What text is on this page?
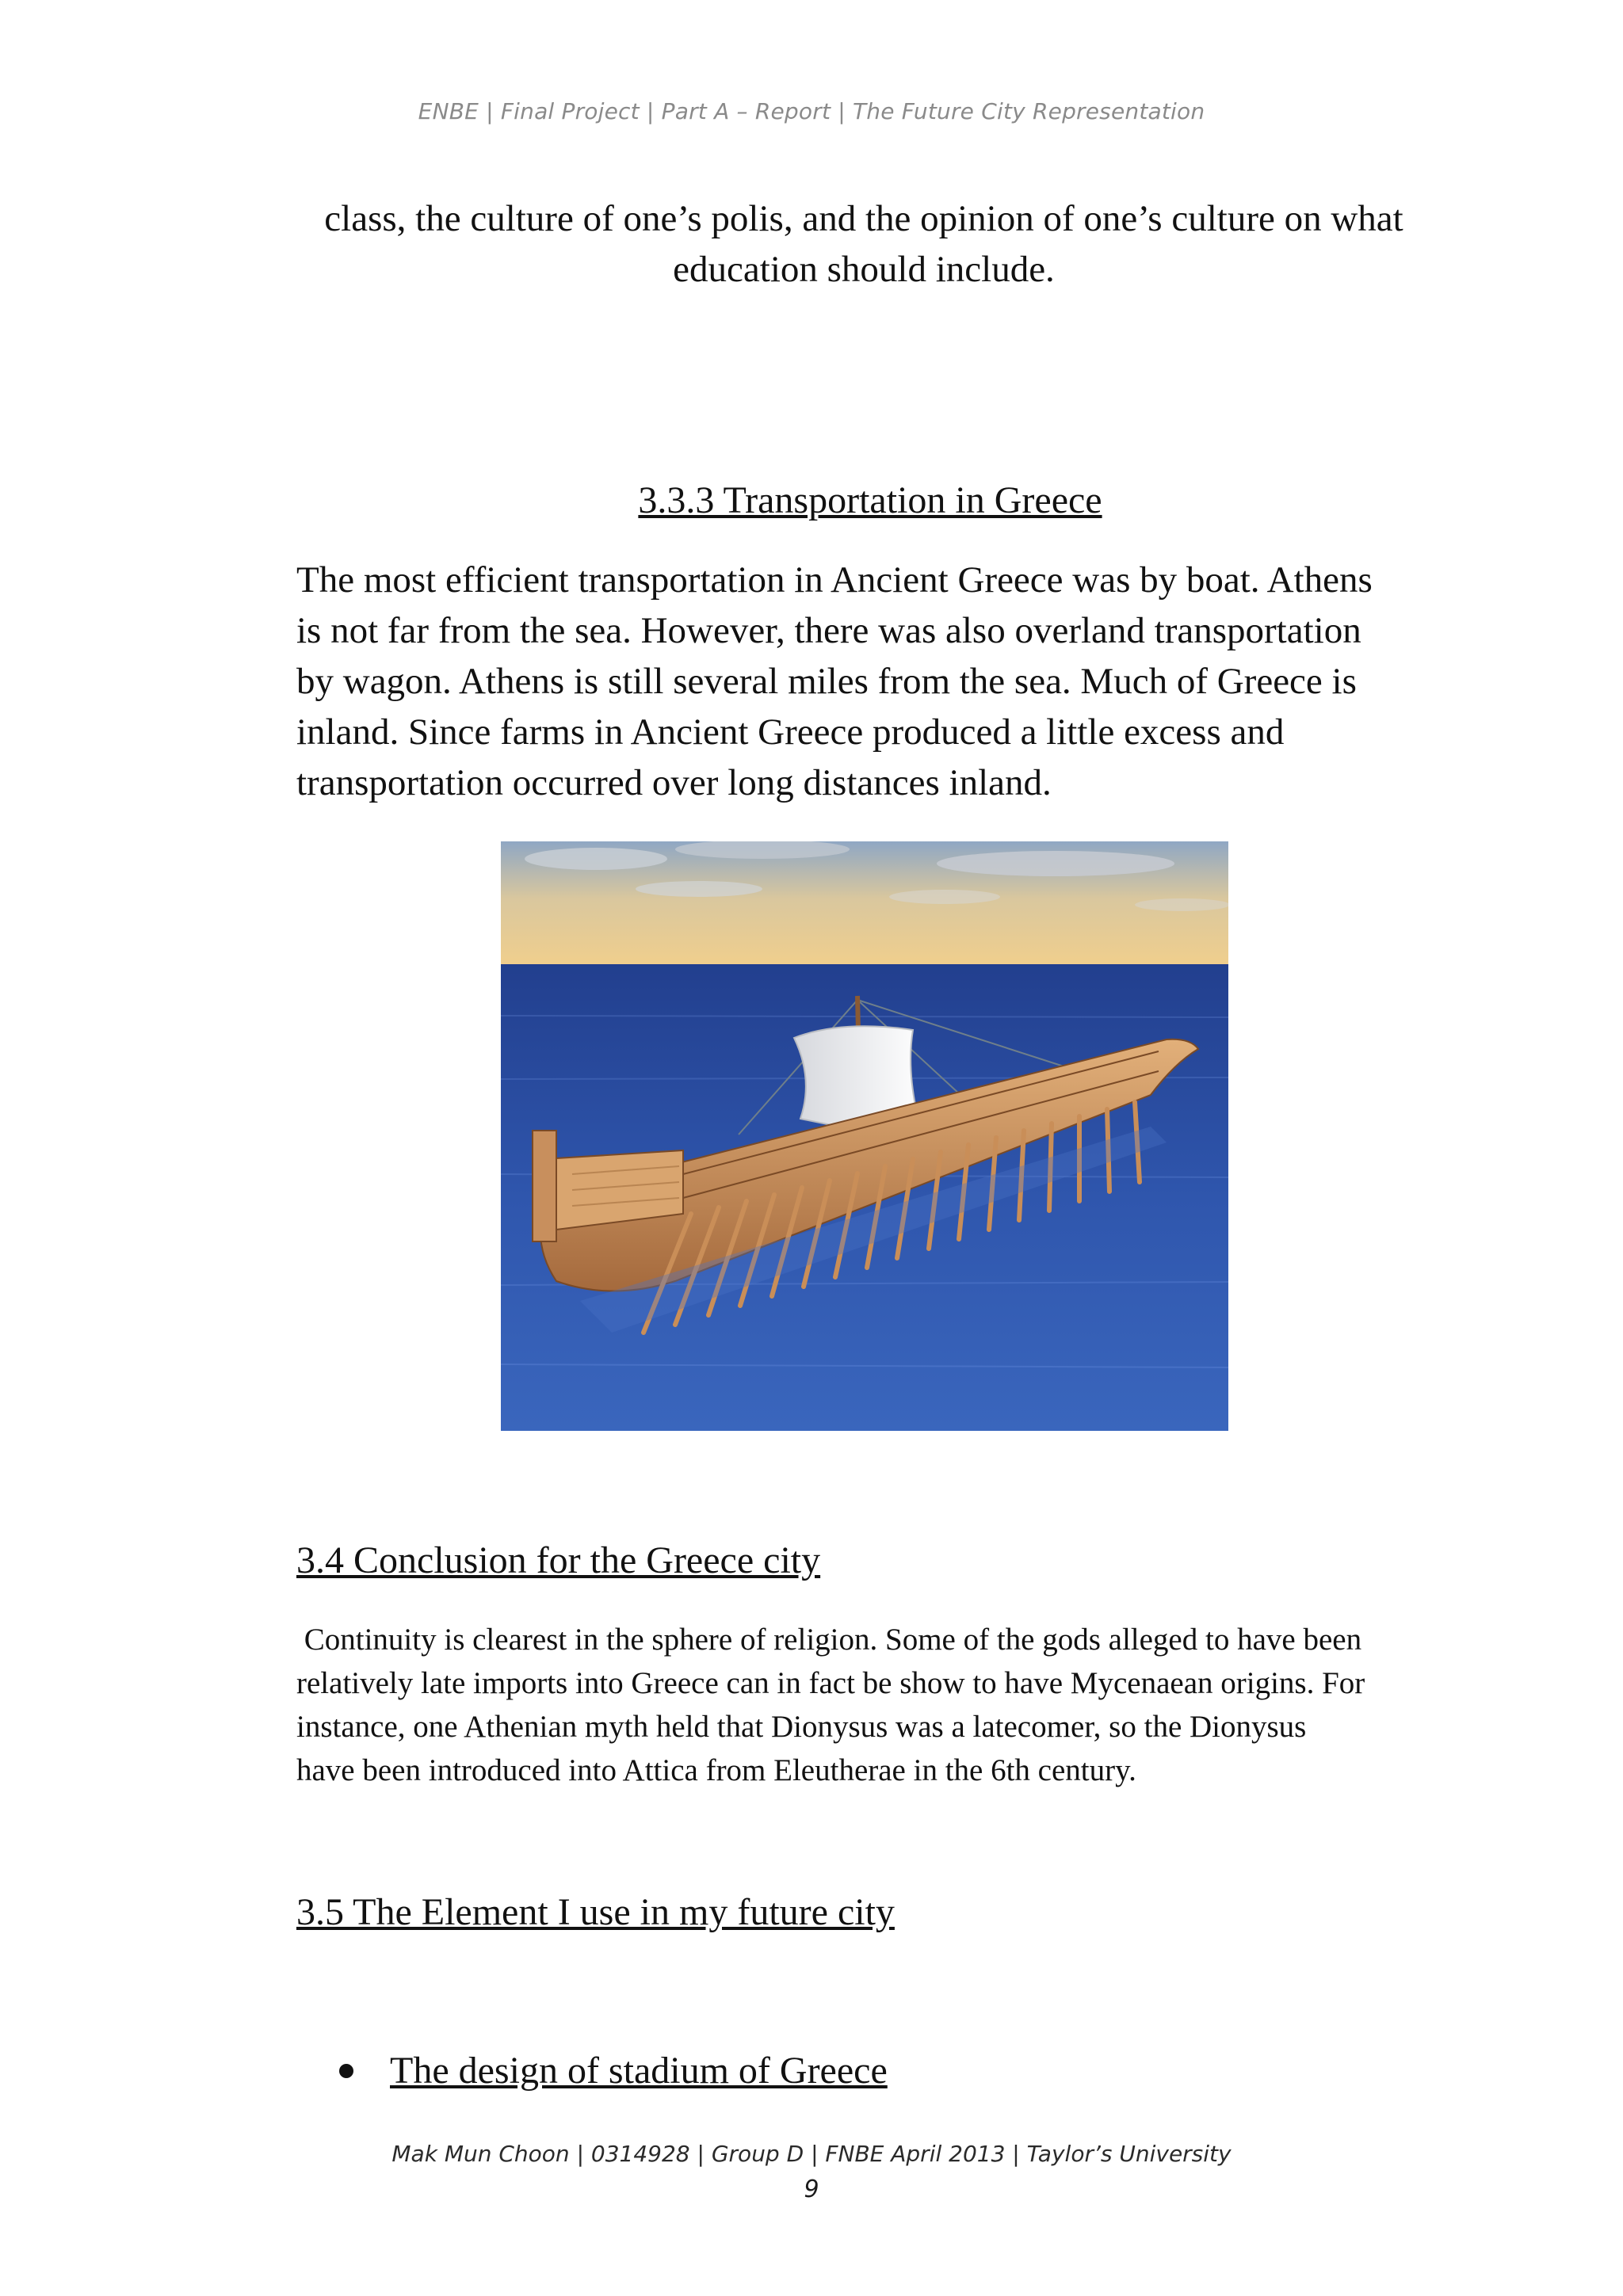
ENBE | Final Project | Part A – Report | The Future City Representation
class, the culture of one’s polis, and the opinion of one’s culture on what
education should include.
3.3.3 Transportation in Greece
The most efficient transportation in Ancient Greece was by boat. Athens
is not far from the sea. However, there was also overland transportation
by wagon. Athens is still several miles from the sea. Much of Greece is
inland. Since farms in Ancient Greece produced a little excess and
transportation occurred over long distances inland.
3.4 Conclusion for the Greece city
Continuity is clearest in the sphere of religion. Some of the gods alleged to have been
relatively late imports into Greece can in fact be show to have Mycenaean origins. For
instance, one Athenian myth held that Dionysus was a latecomer, so the Dionysus
have been introduced into Attica from Eleutherae in the 6th century.
3.5 The Element I use in my future city
The design of stadium of Greece
Mak Mun Choon | 0314928 | Group D | FNBE April 2013 | Taylor’s University
9
